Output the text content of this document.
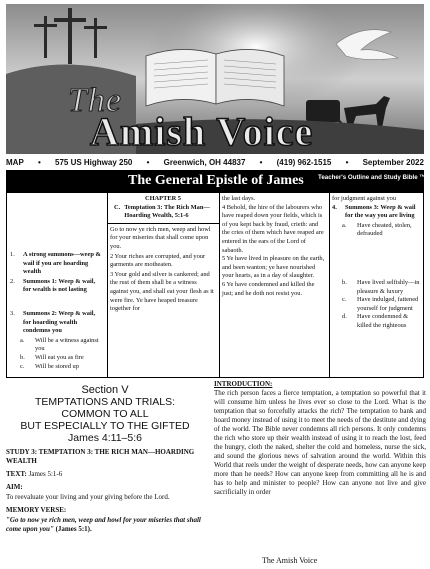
The
Amish Voice
MAP • 575 US Highway 250 • Greenwich, OH 44837 • (419) 962-1515 • September 2022
The General Epistle of James Teacher's Outline and Study Bible ™
1.	A strong summons—weep & wail if you are hoarding wealth
2.	Summons 1: Weep & wail, for wealth is not lasting
3.	Summons 2: Weep & wail, for hoarding wealth condemns you
a.	Will be a witness against you
b.	Will eat you as fire
c.	Will be stored up
CHAPTER 5
C. Temptation 3: The Rich Man—Hoarding Wealth, 5:1-6

Go to now ye rich men, weep and howl for your miseries that shall come upon you.

2 Your riches are corrupted, and your garments are motheaten.

3 Your gold and silver is cankered; and the rust of them shall be a witness against you, and shall eat your flesh as it were fire. Ye have heaped treasure together for

the last days.
4 Behold, the hire of the labourers who have reaped down your fields, which is of you kept back by fraud, crieth: and the cries of them which have reaped are entered in the ears of the Lord of sabaoth.
5 Ye have lived in pleasure on the earth, and been wanton; ye have nourished your hearts, as in a day of slaughter.
6 Ye have condemned and killed the just; and he doth not resist you.
for judgment against you
4.	Summons 3: Weep & wail for the way you are living
a.	Have cheated, stolen, defrauded
b.	Have lived selfishly—in pleasure & luxury
c.	Have indulged, fattened yourself for judgment
d.	Have condemned & killed the righteous
Section V
TEMPTATIONS AND TRIALS:
COMMON TO ALL
BUT ESPECIALLY TO THE GIFTED
James 4:11–5:6
STUDY 3: TEMPTATION 3: THE RICH MAN—HOARDING WEALTH
TEXT: James 5:1-6
AIM:
To reevaluate your living and your giving before the Lord.
MEMORY VERSE:
"Go to now ye rich men, weep and howl for your miseries that shall come upon you" (James 5:1).
INTRODUCTION:
The rich person faces a fierce temptation, a temptation so powerful that it will consume him unless he lives ever so close to the Lord. What is the temptation that so forcefully attacks the rich? The temptation to bank and hoard money instead of using it to meet the needs of the destitute and dying of the world. The Bible never condemns all rich persons. It only condemns the rich who store up their wealth instead of using it to reach the lost, feed the hungry, cloth the naked, shelter the cold and homeless, nurse the sick, and sound the glorious news of salvation around the world. Within this World that reels under the weight of desperate needs, how can anyone keep more than he needs? How can anyone keep from committing all he is and has to help and minister to people? How can anyone not live and give sacrificially in order
The Amish Voice
